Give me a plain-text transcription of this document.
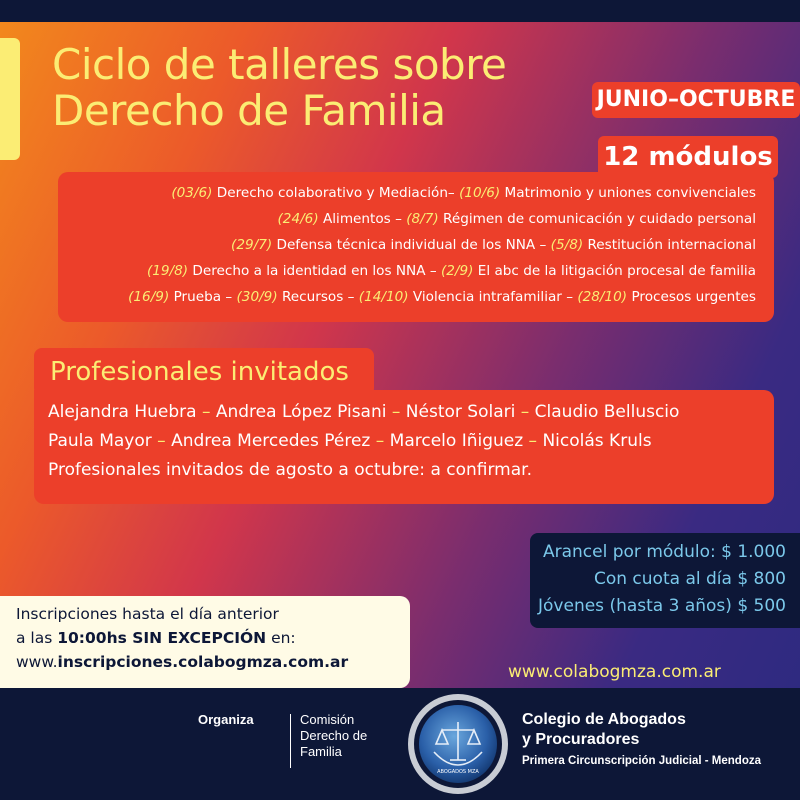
Ciclo de talleres sobre
Derecho de Familia	JUNIO–OCTUBRE
12 módulos
(03/6) Derecho colaborativo y Mediación– (10/6) Matrimonio y uniones convivenciales
(24/6) Alimentos – (8/7) Régimen de comunicación y cuidado personal
(29/7) Defensa técnica individual de los NNA – (5/8) Restitución internacional
(19/8) Derecho a la identidad en los NNA – (2/9) El abc de la litigación procesal de familia
(16/9) Prueba – (30/9) Recursos – (14/10) Violencia intrafamiliar – (28/10) Procesos urgentes
Profesionales invitados
Alejandra Huebra – Andrea López Pisani – Néstor Solari – Claudio Belluscio
Paula Mayor – Andrea Mercedes Pérez – Marcelo Iñiguez – Nicolás Kruls
Profesionales invitados de agosto a octubre: a confirmar.
Arancel por módulo: $ 1.000
Con cuota al día $ 800
Jóvenes (hasta 3 años) $ 500
Inscripciones hasta el día anterior
a las 10:00hs SIN EXCEPCIÓN en:
www.inscripciones.colabogmza.com.ar	www.colabogmza.com.ar
Organiza	Comisión
Derecho de
Familia
ABOGADOS MZA
Colegio de Abogados
y Procuradores
Primera Circunscripción Judicial - Mendoza
